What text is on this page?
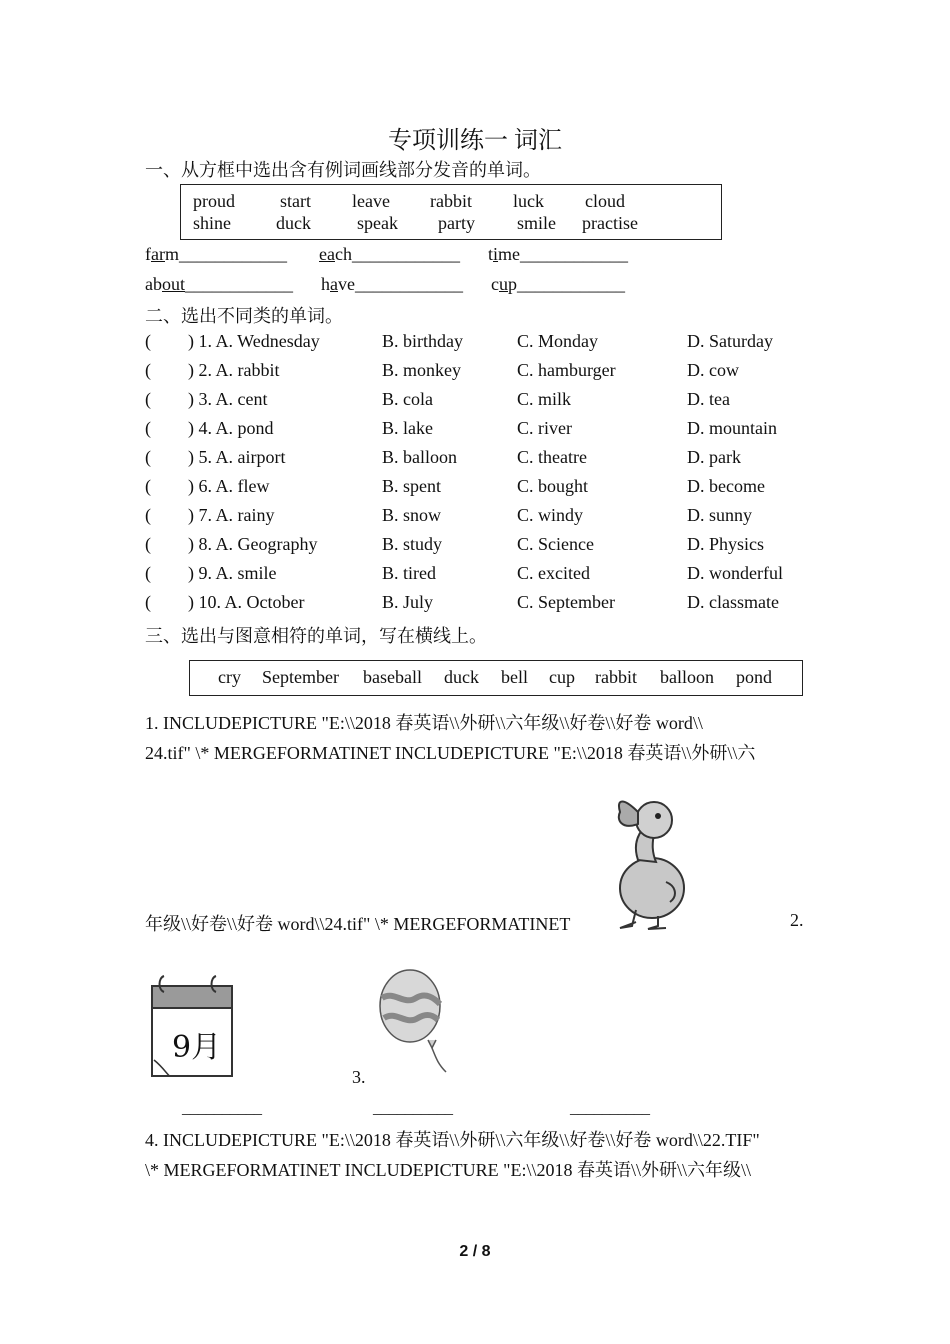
专项训练一 词汇
一、从方框中选出含有例词画线部分发音的单词。
proud	start leave rabbit luck cloud
shine	duck	speak party smile practise
farm____________ each____________ time____________
about____________ have____________ cup____________
二、选出不同类的单词。
( ) 1. A. Wednesday	B. birthday	C. Monday	D. Saturday
( ) 2. A. rabbit	B. monkey	C. hamburger	D. cow
( ) 3. A. cent	B. cola	C. milk	D. tea
( ) 4. A. pond	B. lake	C. river	D. mountain
( ) 5. A. airport	B. balloon	C. theatre	D. park
( ) 6. A. flew	B. spent	C. bought	D. become
( ) 7. A. rainy	B. snow	C. windy	D. sunny
( ) 8. A. Geography	B. study	C. Science	D. Physics
( ) 9. A. smile	B. tired	C. excited	D. wonderful
( ) 10. A. October	B. July	C. September	D. classmate
三、选出与图意相符的单词，写在横线上。
cry September baseball duck bell cup rabbit balloon pond
1. INCLUDEPICTURE "E:\\2018 春英语\\外研\\六年级\\好卷\\好卷 word\\
24.tif" \* MERGEFORMATINET INCLUDEPICTURE "E:\\2018 春英语\\外研\\六
年级\\好卷\\好卷 word\\24.tif" \* MERGEFORMATINET	2.
9月
3.
__________	__________	__________
4. INCLUDEPICTURE "E:\\2018 春英语\\外研\\六年级\\好卷\\好卷 word\\22.TIF"
\* MERGEFORMATINET INCLUDEPICTURE "E:\\2018 春英语\\外研\\六年级\\
2 / 8
